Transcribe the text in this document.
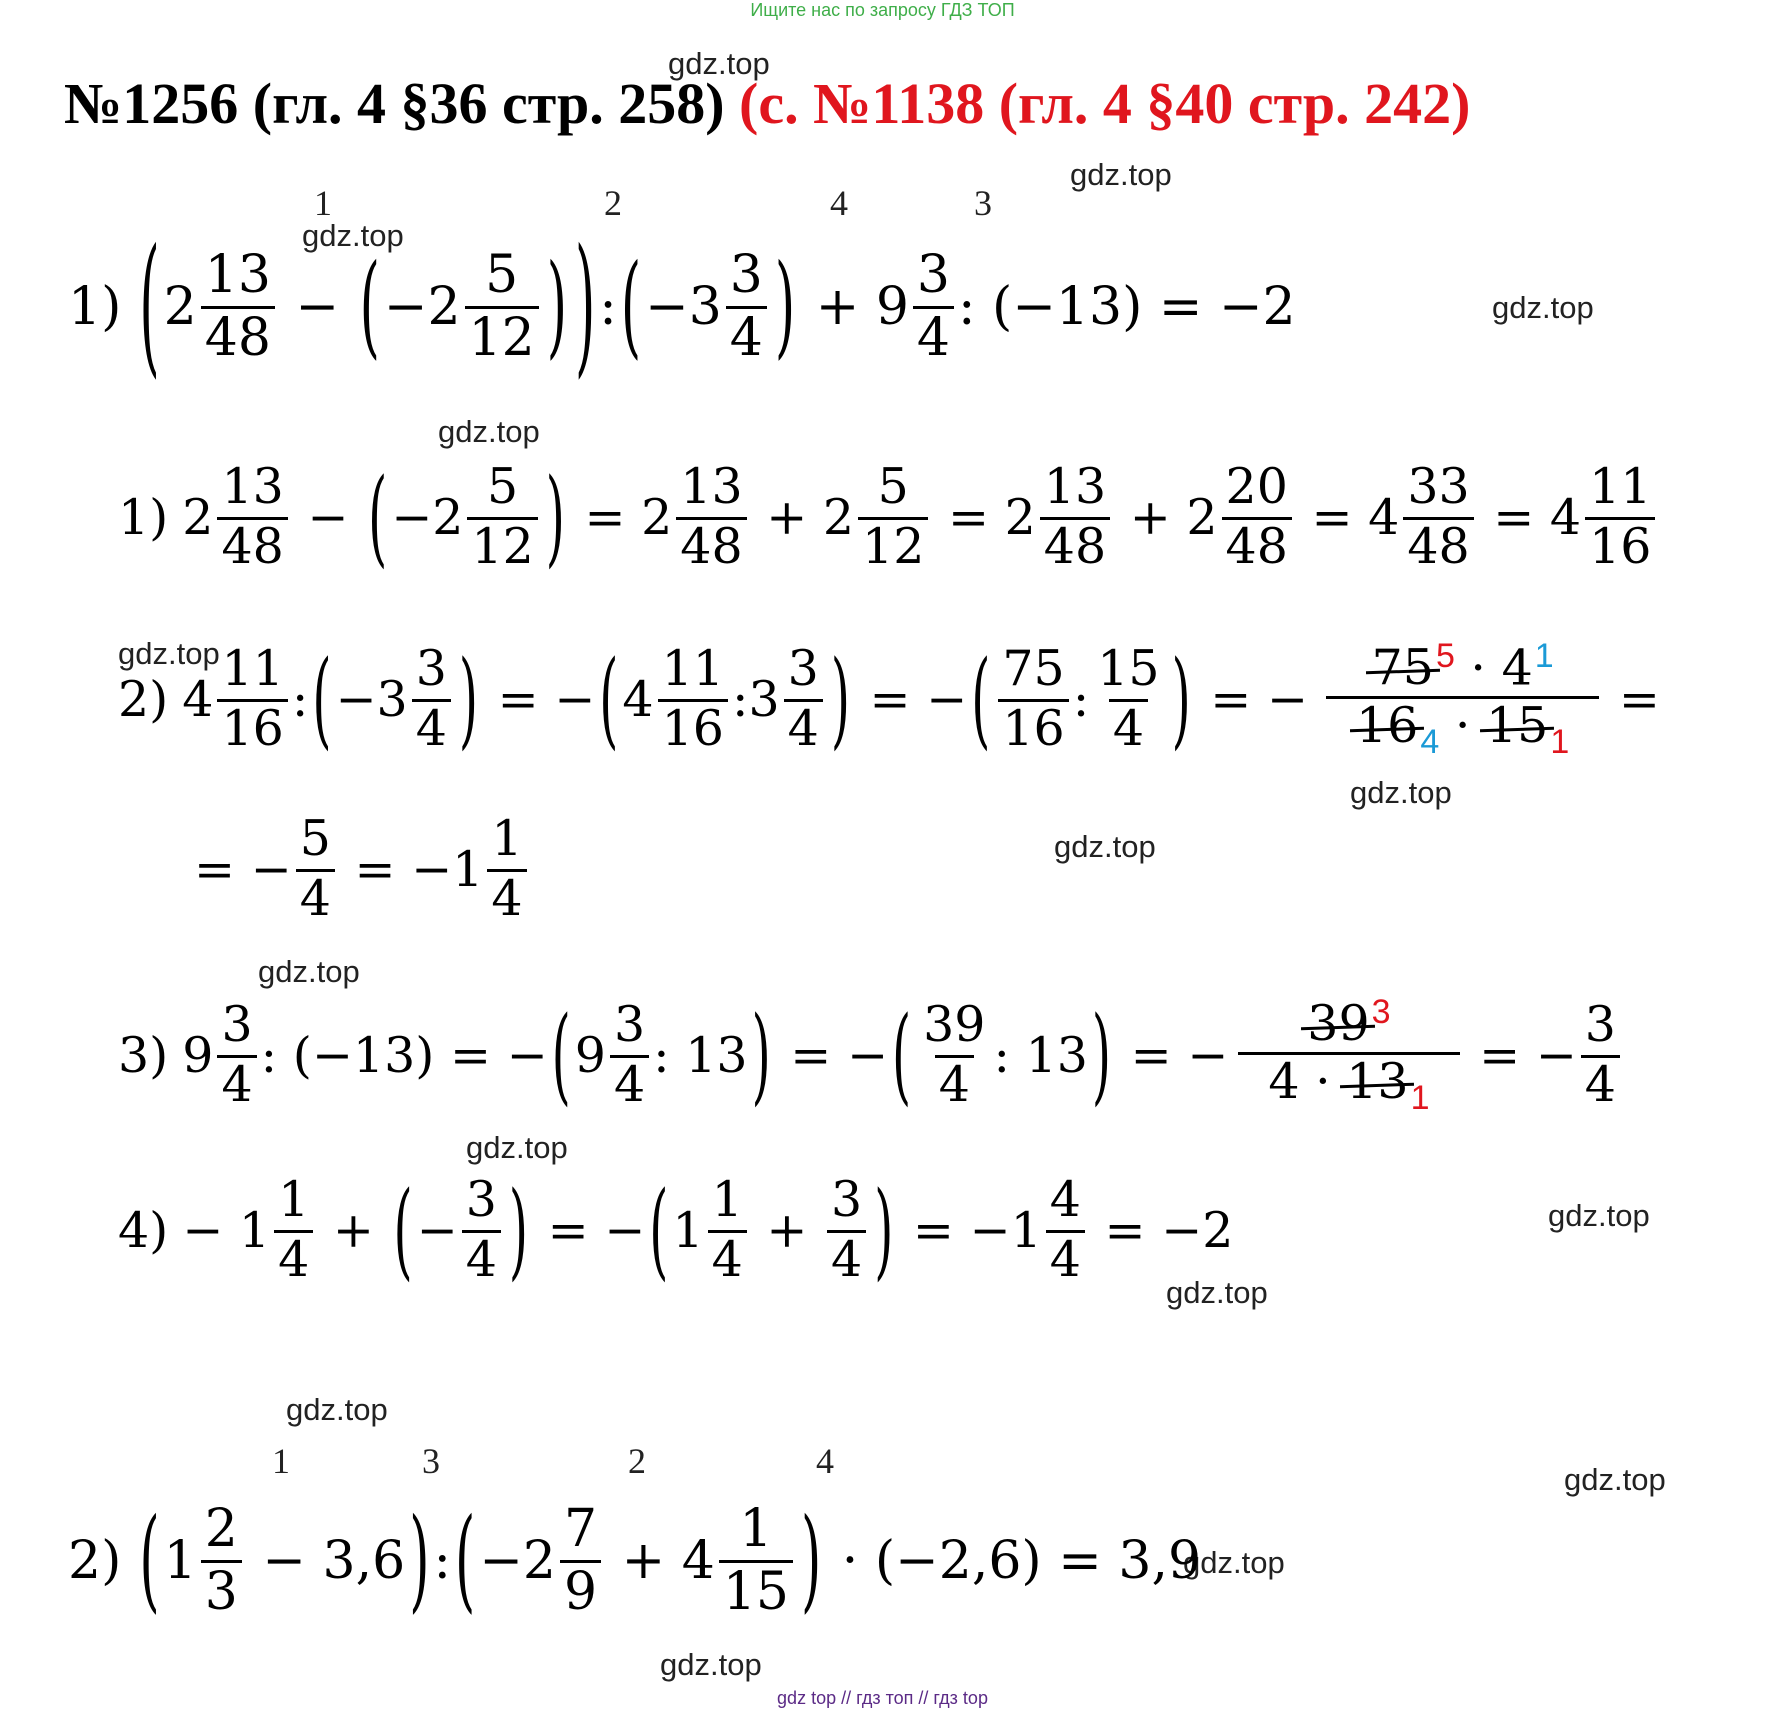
Ищите нас по запросу ГДЗ ТОП
№1256 (гл. 4 §36 стр. 258) (с. №1138 (гл. 4 §40 стр. 242)
gdz.top
gdz.top
gdz.top
gdz.top
gdz.top
gdz.top
gdz.top
gdz.top
gdz.top
gdz.top
gdz.top
gdz.top
gdz.top
gdz.top
gdz.top
gdz.top
1	2	4	3
1) ( $2 \frac{13}{48}$ − ( $-2 \frac{5}{12}$ ) ) : ( $-3 \frac{3}{4}$ ) + $9 \frac{3}{4}$ : (−13) = −2
1) $2 \frac{13}{48}$ − ( $-2 \frac{5}{12}$ ) = $2 \frac{13}{48} + 2 \frac{5}{12} = 2 \frac{13}{48} + 2 \frac{20}{48} = 4 \frac{33}{48} = 4 \frac{11}{16}$
2) $4 \frac{11}{16}$ : ( $-3 \frac{3}{4}$ ) = − ( $4 \frac{11}{16}$ :3 $\frac{3}{4}$ ) = − ( $\frac{75}{16}$ : $\frac{15}{4}$ ) = − $\frac{75^5 \cdot 4^1}{16_4 \cdot 15_1}$ =
= − $\frac{5}{4} = -1 \frac{1}{4}$
3) $9 \frac{3}{4}$ : (−13) = − ( $9 \frac{3}{4}$ : 13 ) = − ( $\frac{39}{4}$ : 13 ) = − $\frac{39^3}{4 \cdot 13_1}$ = − $\frac{3}{4}$
$4) - 1 \frac{1}{4}$ + ( − $\frac{3}{4}$ ) = − ( $1 \frac{1}{4} + \frac{3}{4}$ ) = $-1 \frac{4}{4} = -2$
1	3	2	4
2) ( $1 \frac{2}{3} - 3,6$ ) : ( $-2 \frac{7}{9} + 4 \frac{1}{15}$ ) · (−2,6) = 3,9
gdz top // гдз топ // гдз top
